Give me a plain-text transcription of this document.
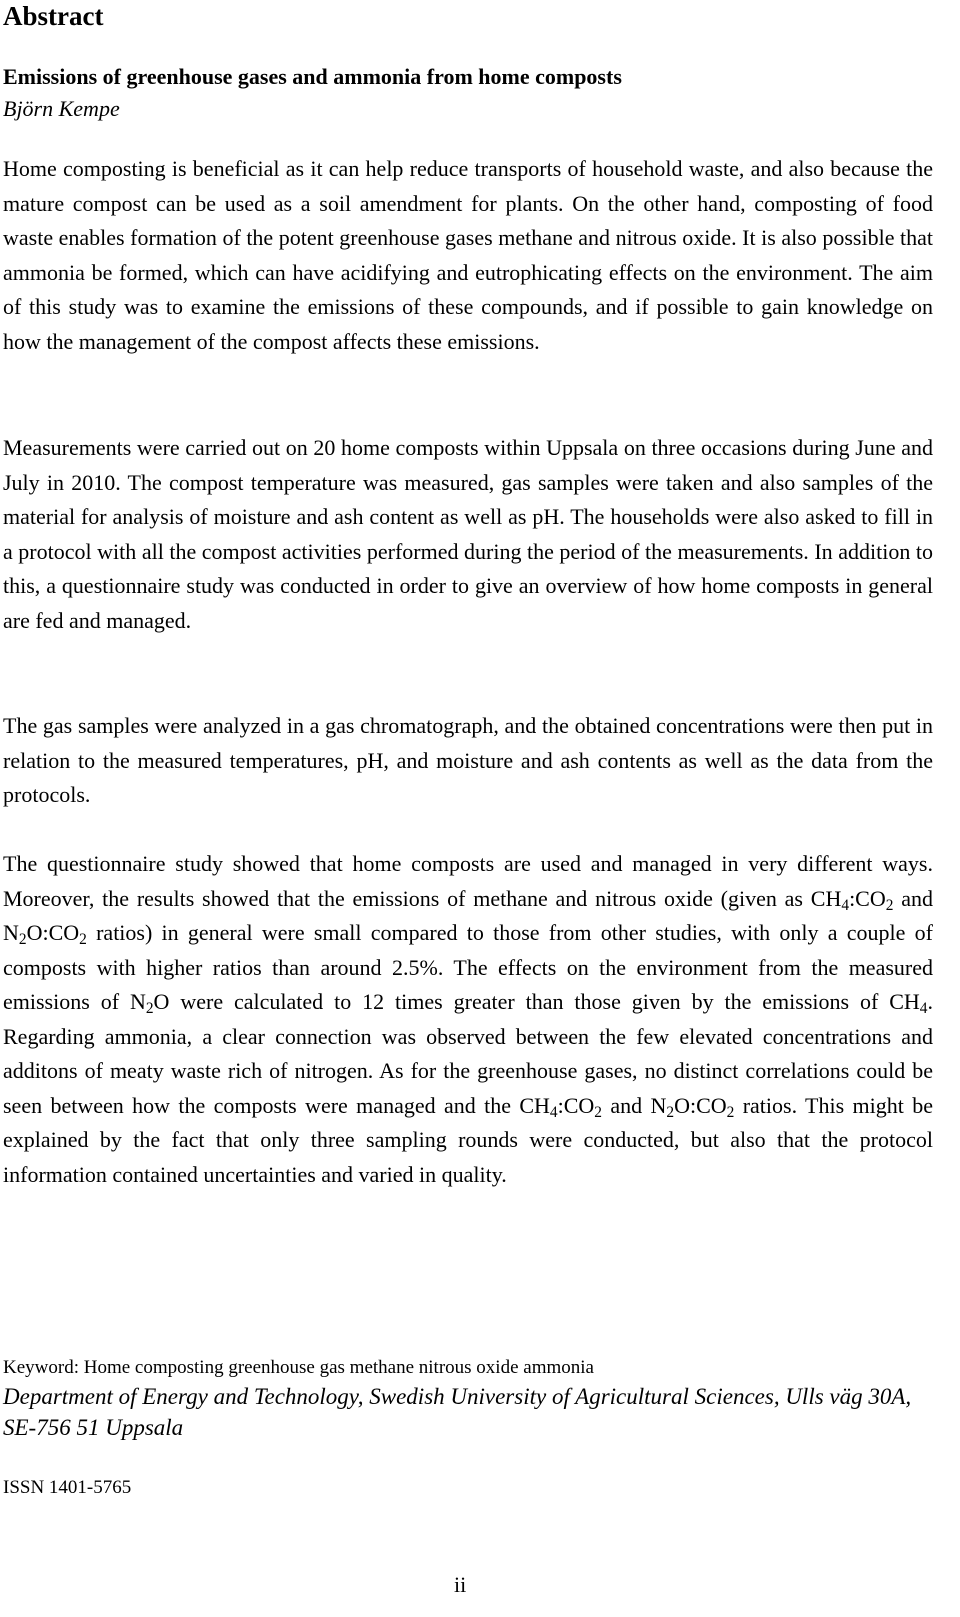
Abstract
Emissions of greenhouse gases and ammonia from home composts
Björn Kempe

Home composting is beneficial as it can help reduce transports of household waste, and also because the mature compost can be used as a soil amendment for plants. On the other hand, composting of food waste enables formation of the potent greenhouse gases methane and nitrous oxide. It is also possible that ammonia be formed, which can have acidifying and eutrophicating effects on the environment. The aim of this study was to examine the emissions of these compounds, and if possible to gain knowledge on how the management of the compost affects these emissions.

Measurements were carried out on 20 home composts within Uppsala on three occasions during June and July in 2010. The compost temperature was measured, gas samples were taken and also samples of the material for analysis of moisture and ash content as well as pH. The households were also asked to fill in a protocol with all the compost activities performed during the period of the measurements. In addition to this, a questionnaire study was conducted in order to give an overview of how home composts in general are fed and managed.

The gas samples were analyzed in a gas chromatograph, and the obtained concentrations were then put in relation to the measured temperatures, pH, and moisture and ash contents as well as the data from the protocols.

The questionnaire study showed that home composts are used and managed in very different ways. Moreover, the results showed that the emissions of methane and nitrous oxide (given as $CH_4:CO_2$ and $N_2O:CO_2$ ratios) in general were small compared to those from other studies, with only a couple of composts with higher ratios than around 2.5%. The effects on the environment from the measured emissions of $N_2O$ were calculated to 12 times greater than those given by the emissions of $CH_4$. Regarding ammonia, a clear connection was observed between the few elevated concentrations and additons of meaty waste rich of nitrogen. As for the greenhouse gases, no distinct correlations could be seen between how the composts were managed and the $CH_4:CO_2$ and $N_2O:CO_2$ ratios. This might be explained by the fact that only three sampling rounds were conducted, but also that the protocol information contained uncertainties and varied in quality.

Keyword: Home composting greenhouse gas methane nitrous oxide ammonia
Department of Energy and Technology, Swedish University of Agricultural Sciences, Ulls väg 30A, SE-756 51 Uppsala
ISSN 1401-5765
ii
